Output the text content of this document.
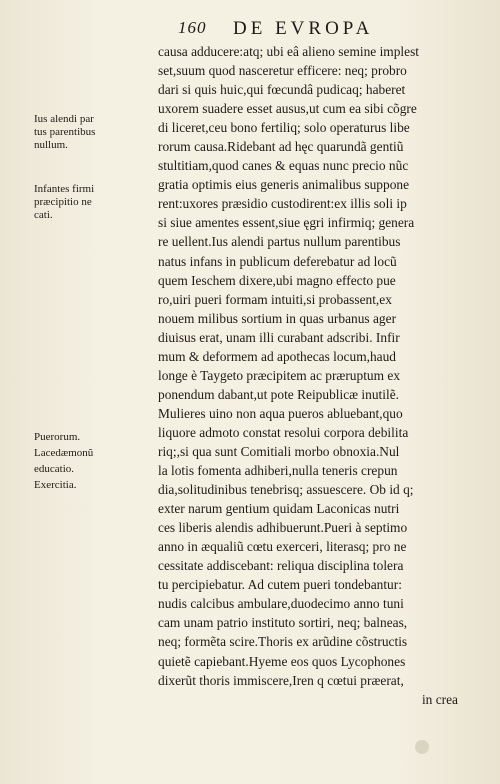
160 DE EVROPA
causa adducere:atq; ubi eâ alieno semine implest
set,suum quod nasceretur efficere: neq; probro
dari si quis huic,qui fœcundâ pudicaq; haberet
uxorem suadere esset ausus,ut cum ea sibi cõgre
di liceret,ceu bono fertiliq; solo operaturus libe
rorum causa.Ridebant ad hęc quarundã gentiũ
stultitiam,quod canes & equas nunc precio nũc
gratia optimis eius generis animalibus suppone
rent:uxores præsidio custodirent:ex illis soli ip
si siue amentes essent,siue ęgri infirmiq; genera
re uellent.Ius alendi partus nullum parentibus
natus infans in publicum deferebatur ad locũ
quem Ieschem dixere,ubi magno effecto pue
ro,uiri pueri formam intuiti,si probassent,ex
nouem milibus sortium in quas urbanus ager
diuisus erat, unam illi curabant adscribi. Infir
mum & deformem ad apothecas locum,haud
longe è Taygeto præcipitem ac præruptum ex
ponendum dabant,ut pote Reipublicæ inutilẽ.
Mulieres uino non aqua pueros abluebant,quo
liquore admoto constat resolui corpora debilita
riq;,si qua sunt Comitiali morbo obnoxia.Nul
la lotis fomenta adhiberi,nulla teneris crepun
dia,solitudinibus tenebrisq; assuescere. Ob id q;
exter narum gentium quidam Laconicas nutri
ces liberis alendis adhibuerunt.Pueri à septimo
anno in æqualiũ cœtu exerceri, literasq; pro ne
cessitate addiscebant: reliqua disciplina tolera
tu percipiebatur. Ad cutem pueri tondebantur:
nudis calcibus ambulare,duodecimo anno tuni
cam unam patrio instituto sortiri, neq; balneas,
neq; formẽta scire.Thoris ex arũdine cõstructis
quietẽ capiebant.Hyeme eos quos Lycophones
dixerũt thoris immiscere,Iren q cœtui præerat,
in crea
Ius alendi par
tus parentibus
nullum.
Infantes firmi
præcipitio ne
cati.
Puerorum.
Lacedæmonũ
educatio.
Exercitia.
